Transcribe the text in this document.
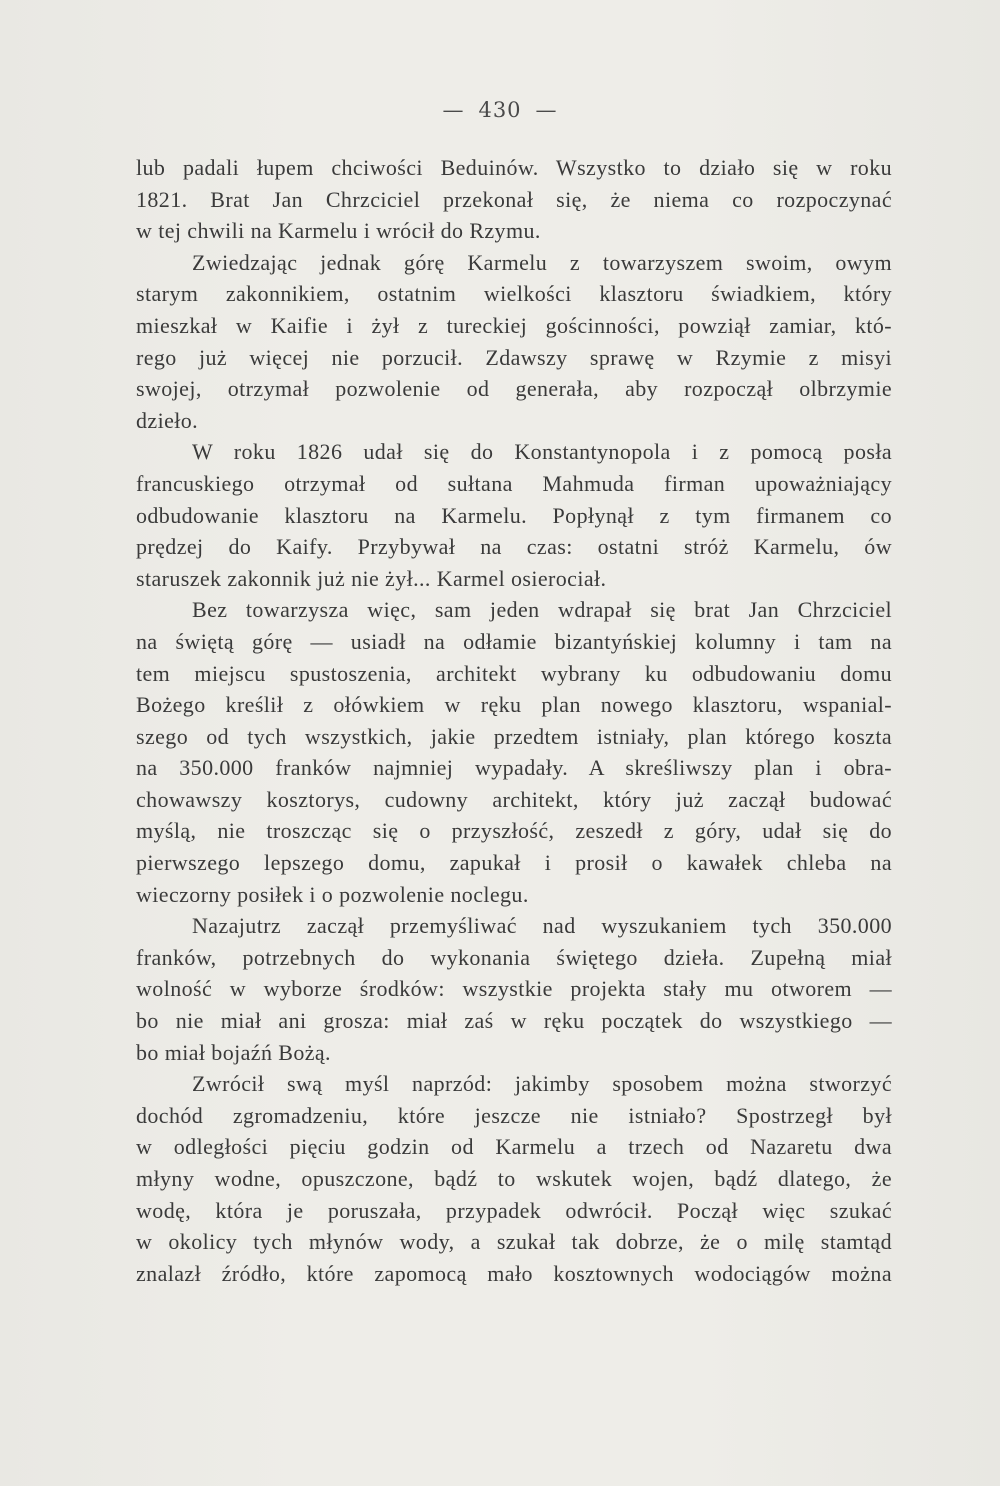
— 430 —
lub padali łupem chciwości Beduinów. Wszystko to działo się w roku
1821. Brat Jan Chrzciciel przekonał się, że niema co rozpoczynać
w tej chwili na Karmelu i wrócił do Rzymu.
Zwiedzając jednak górę Karmelu z towarzyszem swoim, owym
starym zakonnikiem, ostatnim wielkości klasztoru świadkiem, który
mieszkał w Kaifie i żył z tureckiej gościnności, powziął zamiar, któ-
rego już więcej nie porzucił. Zdawszy sprawę w Rzymie z misyi
swojej, otrzymał pozwolenie od generała, aby rozpoczął olbrzymie
dzieło.
W roku 1826 udał się do Konstantynopola i z pomocą posła
francuskiego otrzymał od sułtana Mahmuda firman upoważniający
odbudowanie klasztoru na Karmelu. Popłynął z tym firmanem co
prędzej do Kaify. Przybywał na czas: ostatni stróż Karmelu, ów
staruszek zakonnik już nie żył... Karmel osierociał.
Bez towarzysza więc, sam jeden wdrapał się brat Jan Chrzciciel
na świętą górę — usiadł na odłamie bizantyńskiej kolumny i tam na
tem miejscu spustoszenia, architekt wybrany ku odbudowaniu domu
Bożego kreślił z ołówkiem w ręku plan nowego klasztoru, wspanial-
szego od tych wszystkich, jakie przedtem istniały, plan którego koszta
na 350.000 franków najmniej wypadały. A skreśliwszy plan i obra-
chowawszy kosztorys, cudowny architekt, który już zaczął budować
myślą, nie troszcząc się o przyszłość, zeszedł z góry, udał się do
pierwszego lepszego domu, zapukał i prosił o kawałek chleba na
wieczorny posiłek i o pozwolenie noclegu.
Nazajutrz zaczął przemyśliwać nad wyszukaniem tych 350.000
franków, potrzebnych do wykonania świętego dzieła. Zupełną miał
wolność w wyborze środków: wszystkie projekta stały mu otworem —
bo nie miał ani grosza: miał zaś w ręku początek do wszystkiego —
bo miał bojaźń Bożą.
Zwrócił swą myśl naprzód: jakimby sposobem można stworzyć
dochód zgromadzeniu, które jeszcze nie istniało? Spostrzegł był
w odległości pięciu godzin od Karmelu a trzech od Nazaretu dwa
młyny wodne, opuszczone, bądź to wskutek wojen, bądź dlatego, że
wodę, która je poruszała, przypadek odwrócił. Począł więc szukać
w okolicy tych młynów wody, a szukał tak dobrze, że o milę stamtąd
znalazł źródło, które zapomocą mało kosztownych wodociągów można
